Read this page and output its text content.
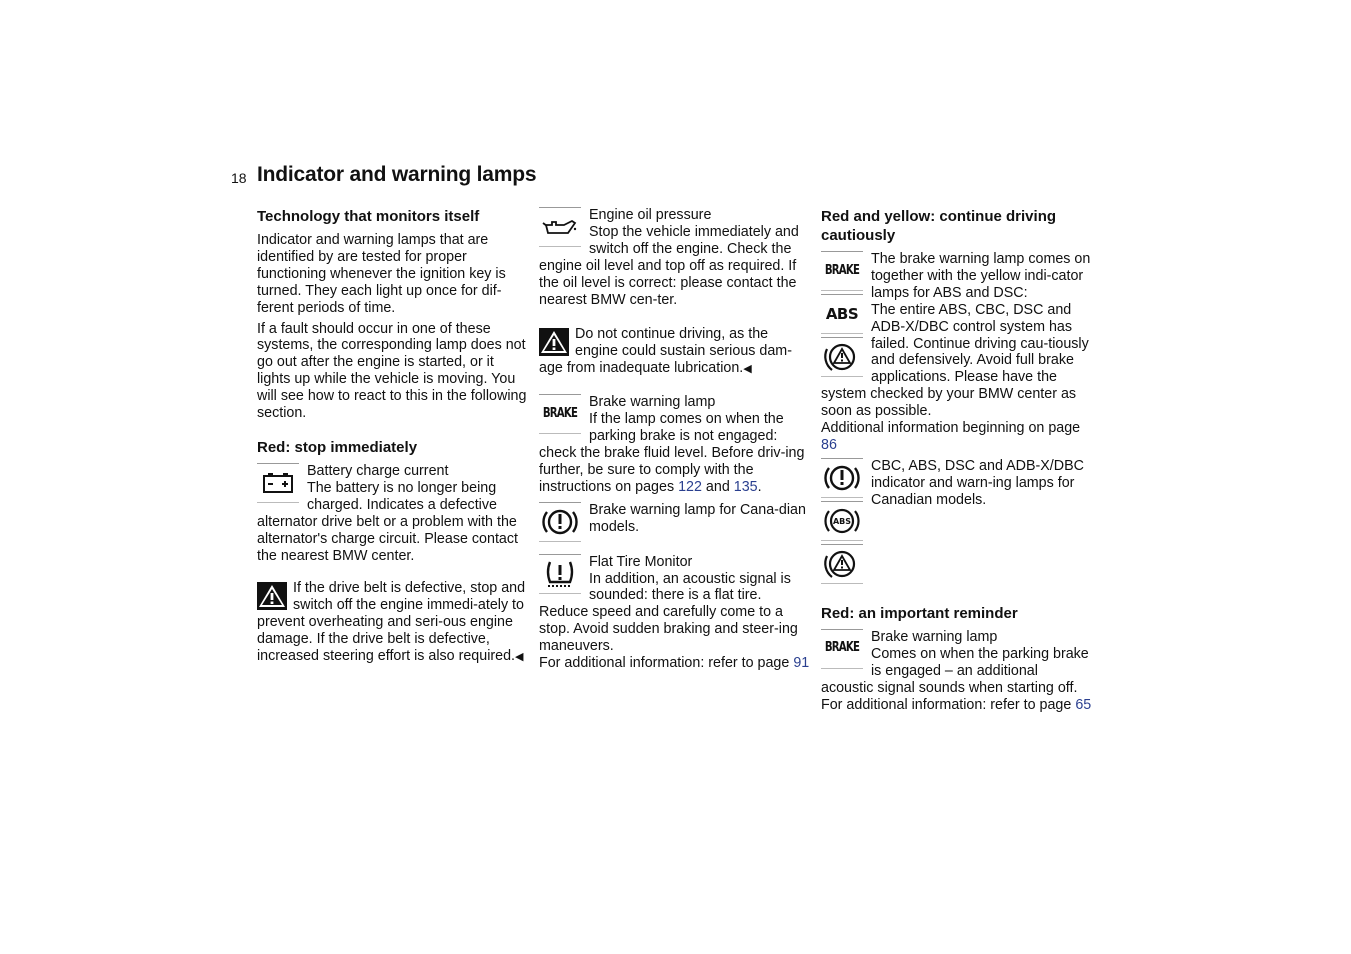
18 Indicator and warning lamps
Technology that monitors itself

Indicator and warning lamps that are identified by are tested for proper functioning whenever the ignition key is turned. They each light up once for dif-ferent periods of time.

If a fault should occur in one of these systems, the corresponding lamp does not go out after the engine is started, or it lights up while the vehicle is moving. You will see how to react to this in the following section.

Red: stop immediately

Battery charge current

The battery is no longer being charged. Indicates a defective alternator drive belt or a problem with the alternator's charge circuit. Please contact the nearest BMW center.

If the drive belt is defective, stop and switch off the engine immedi-ately to prevent overheating and seri-ous engine damage. If the drive belt is defective, increased steering effort is also required.◀

Engine oil pressure

Stop the vehicle immediately and switch off the engine. Check the engine oil level and top off as required. If the oil level is correct: please contact the nearest BMW cen-ter.

Do not continue driving, as the engine could sustain serious dam-age from inadequate lubrication.◀

BRAKE

Brake warning lamp

If the lamp comes on when the parking brake is not engaged: check the brake fluid level. Before driv-ing further, be sure to comply with the instructions on pages 122 and 135.

Brake warning lamp for Cana-dian models.

Flat Tire Monitor

In addition, an acoustic signal is sounded: there is a flat tire. Reduce speed and carefully come to a stop. Avoid sudden braking and steer-ing maneuvers.

For additional information: refer to page 91

Red and yellow: continue driving cautiously
BRAKE
ABS

The brake warning lamp comes on together with the yellow indi-cator lamps for ABS and DSC:

The entire ABS, CBC, DSC and ADB-X/DBC control system has failed. Continue driving cau-tiously and defensively. Avoid full brake applications. Please have the system checked by your BMW center as soon as possible.

Additional information beginning on page 86

ABS

CBC, ABS, DSC and ADB-X/DBC indicator and warn-ing lamps for Canadian models.

Red: an important reminder
BRAKE

Brake warning lamp

Comes on when the parking brake is engaged – an additional acoustic signal sounds when starting off. For additional information: refer to page 65
